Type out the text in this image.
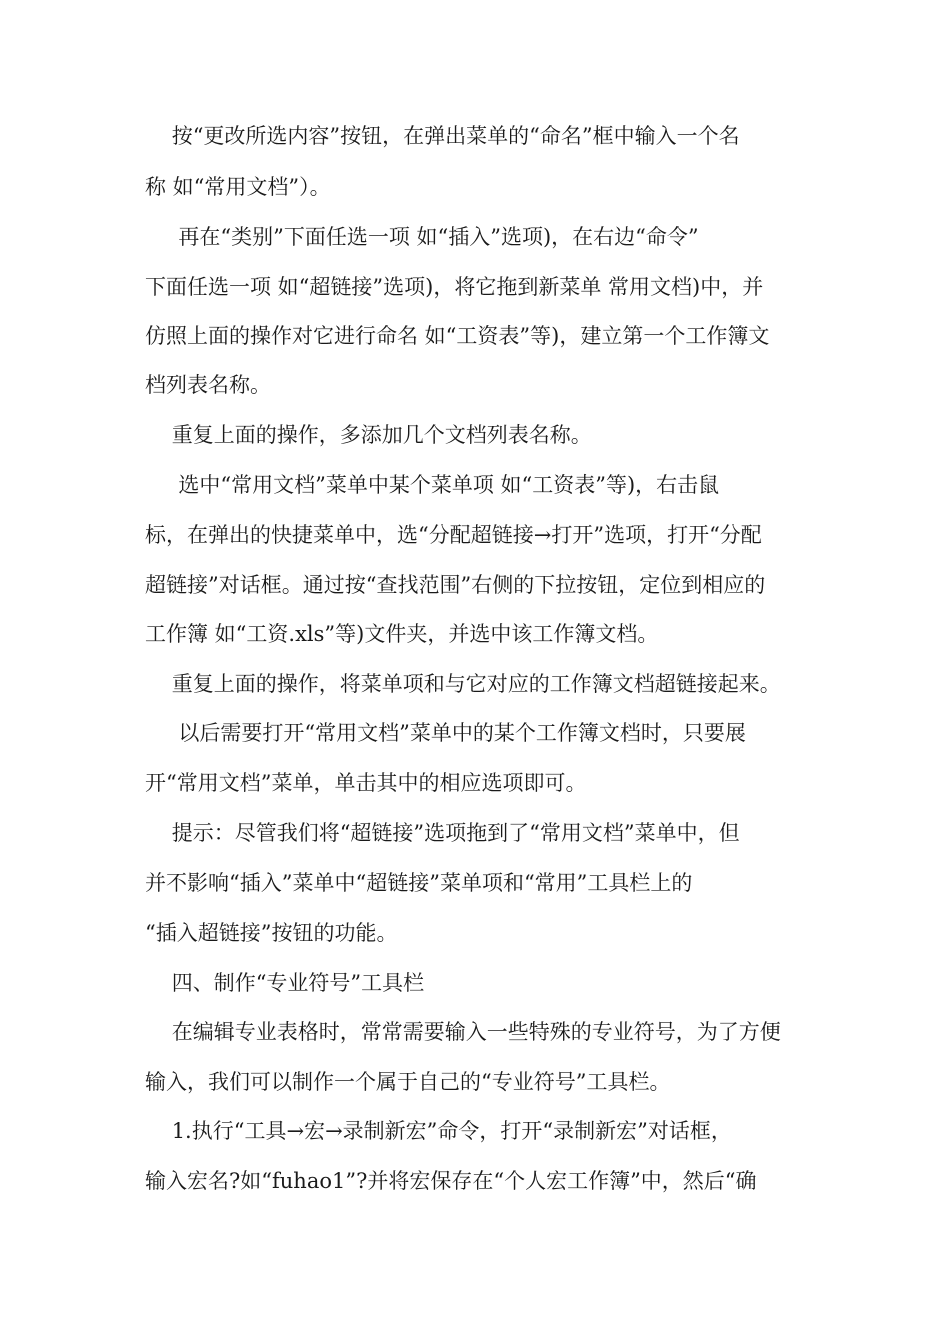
按“更改所选内容”按钮，在弹出菜单的“命名”框中输入一个名
称 如“常用文档”）。
再在“类别”下面任选一项 如“插入”选项)，在右边“命令”
下面任选一项 如“超链接”选项)，将它拖到新菜单 常用文档)中，并
仿照上面的操作对它进行命名 如“工资表”等)，建立第一个工作簿文
档列表名称。
重复上面的操作，多添加几个文档列表名称。
选中“常用文档”菜单中某个菜单项 如“工资表”等)，右击鼠
标，在弹出的快捷菜单中，选“分配超链接→打开”选项，打开“分配
超链接”对话框。通过按“查找范围”右侧的下拉按钮，定位到相应的
工作簿 如“工资.xls”等)文件夹，并选中该工作簿文档。
重复上面的操作，将菜单项和与它对应的工作簿文档超链接起来。
以后需要打开“常用文档”菜单中的某个工作簿文档时，只要展
开“常用文档”菜单，单击其中的相应选项即可。
提示：尽管我们将“超链接”选项拖到了“常用文档”菜单中，但
并不影响“插入”菜单中“超链接”菜单项和“常用”工具栏上的
“插入超链接”按钮的功能。
四、制作“专业符号”工具栏
在编辑专业表格时，常常需要输入一些特殊的专业符号，为了方便
输入，我们可以制作一个属于自己的“专业符号”工具栏。
1.执行“工具→宏→录制新宏”命令，打开“录制新宏”对话框，
输入宏名?如“fuhao1”?并将宏保存在“个人宏工作簿”中，然后“确
